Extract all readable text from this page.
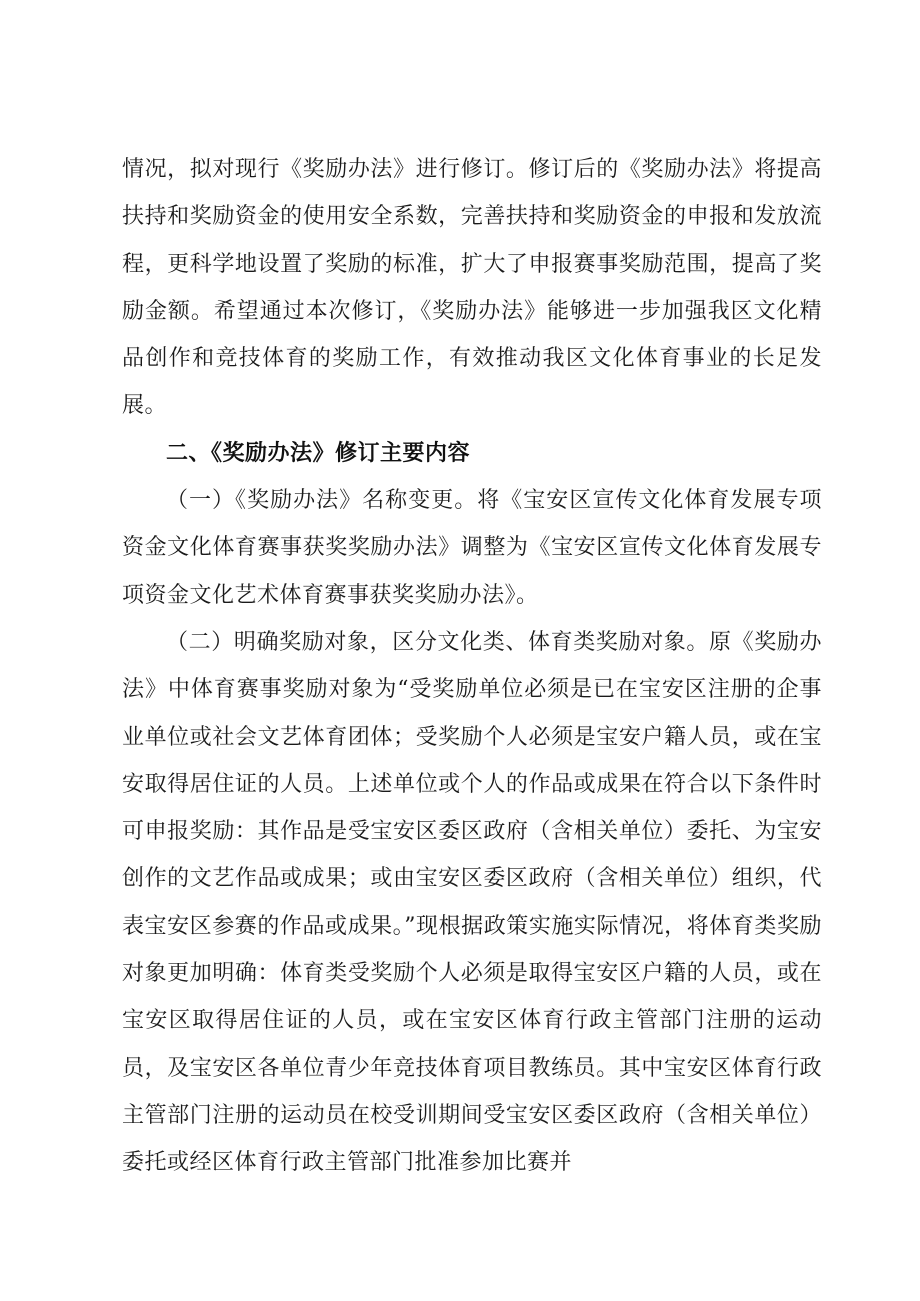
情况，拟对现行《奖励办法》进行修订。修订后的《奖励办法》将提高扶持和奖励资金的使用安全系数，完善扶持和奖励资金的申报和发放流程，更科学地设置了奖励的标准，扩大了申报赛事奖励范围，提高了奖励金额。希望通过本次修订，《奖励办法》能够进一步加强我区文化精品创作和竞技体育的奖励工作，有效推动我区文化体育事业的长足发展。

二、《奖励办法》修订主要内容

（一）《奖励办法》名称变更。将《宝安区宣传文化体育发展专项资金文化体育赛事获奖奖励办法》调整为《宝安区宣传文化体育发展专项资金文化艺术体育赛事获奖奖励办法》。

（二）明确奖励对象，区分文化类、体育类奖励对象。原《奖励办法》中体育赛事奖励对象为“受奖励单位必须是已在宝安区注册的企事业单位或社会文艺体育团体；受奖励个人必须是宝安户籍人员，或在宝安取得居住证的人员。上述单位或个人的作品或成果在符合以下条件时可申报奖励：其作品是受宝安区委区政府（含相关单位）委托、为宝安创作的文艺作品或成果；或由宝安区委区政府（含相关单位）组织，代表宝安区参赛的作品或成果。”现根据政策实施实际情况，将体育类奖励对象更加明确：体育类受奖励个人必须是取得宝安区户籍的人员，或在宝安区取得居住证的人员，或在宝安区体育行政主管部门注册的运动员，及宝安区各单位青少年竞技体育项目教练员。其中宝安区体育行政主管部门注册的运动员在校受训期间受宝安区委区政府（含相关单位）委托或经区体育行政主管部门批准参加比赛并
